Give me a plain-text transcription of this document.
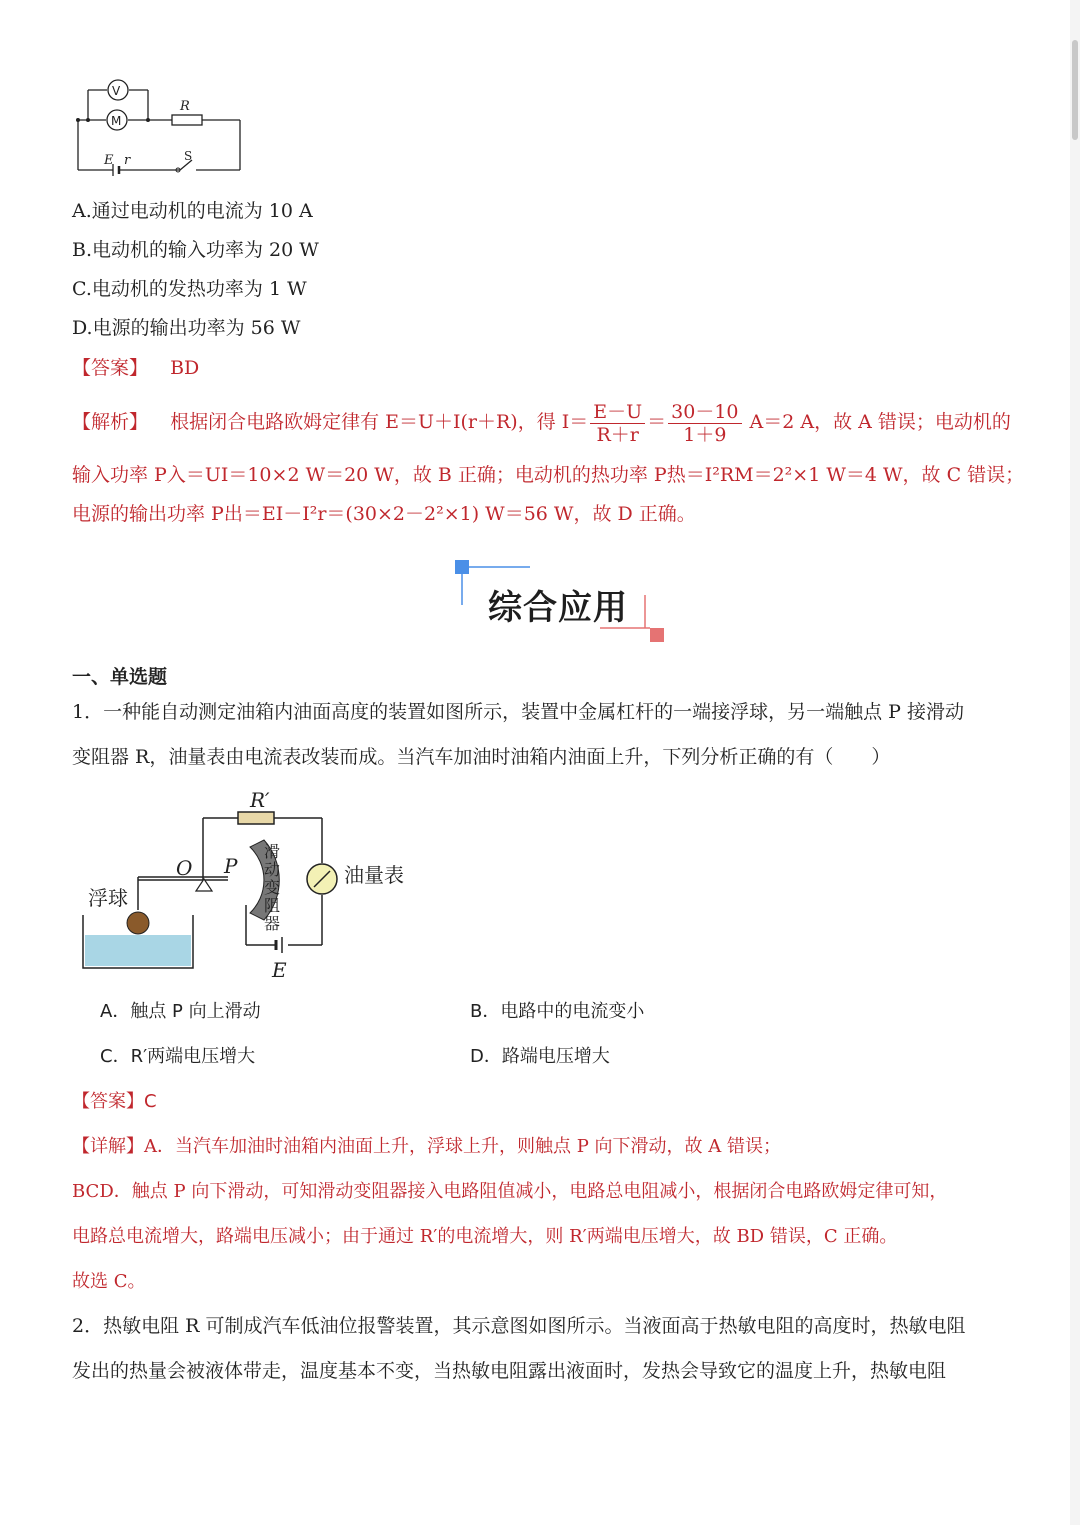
V
M
R
E r	S
A.通过电动机的电流为 10 A
B.电动机的输入功率为 20 W
C.电动机的发热功率为 1 W
D.电源的输出功率为 56 W
【答案】 BD
【解析】 根据闭合电路欧姆定律有 E＝U＋I(r＋R)，得 $I= \frac{E-U}{R+r} = \frac{30-10}{1+9} A=2$ A，故 A 错误；电动机的
输入功率 P入＝UI＝10×2 W＝20 W，故 B 正确；电动机的热功率 P热＝I²RM＝2²×1 W＝4 W，故 C 错误；
电源的输出功率 P出＝EI－I²r＝(30×2－2²×1) W＝56 W，故 D 正确。
综合应用
一、单选题
1．一种能自动测定油箱内油面高度的装置如图所示，装置中金属杠杆的一端接浮球，另一端触点 P 接滑动
变阻器 R，油量表由电流表改装而成。当汽车加油时油箱内油面上升，下列分析正确的有（　　）
R′
O P
滑
动
变
阻
器
浮球
油量表
E
A．触点 P 向上滑动	B．电路中的电流变小
C．R′两端电压增大	D．路端电压增大
【答案】C
【详解】A．当汽车加油时油箱内油面上升，浮球上升，则触点 P 向下滑动，故 A 错误；
BCD．触点 P 向下滑动，可知滑动变阻器接入电路阻值减小，电路总电阻减小，根据闭合电路欧姆定律可知，
电路总电流增大，路端电压减小；由于通过 R′的电流增大，则 R′两端电压增大，故 BD 错误，C 正确。
故选 C。
2．热敏电阻 R 可制成汽车低油位报警装置，其示意图如图所示。当液面高于热敏电阻的高度时，热敏电阻
发出的热量会被液体带走，温度基本不变，当热敏电阻露出液面时，发热会导致它的温度上升，热敏电阻
